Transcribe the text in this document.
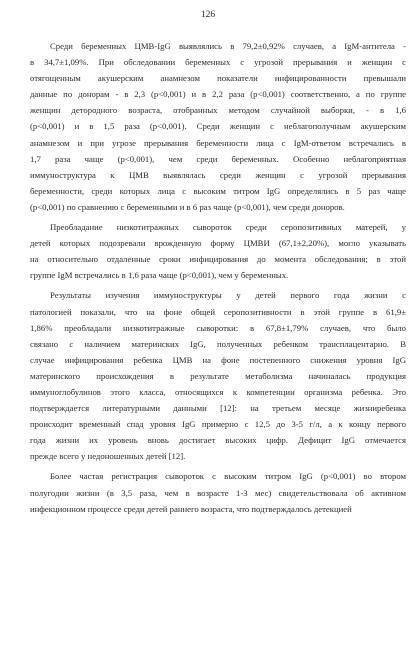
126
Среди беременных ЦМВ-IgG выявлялись в 79,2±0,92% случаев, а IgM-антитела -
в 34,7±1,09%. При обследовании беременных с угрозой прерывания и женщин с
отягощенным акушерским анамнезом показатели инфицированности превышали
данные по донорам - в 2,3 (р<0,001) и в 2,2 раза (р<0,001) соответственно, а по группе
женщин детородного возраста, отобранных методом случайной выборки, - в 1,6
(р<0,001) и в 1,5 раза (р<0,001). Среди женщин с неблагополучным акушерским
анамнезом и при угрозе прерывания беременности лица с IgM-ответом встречались в
1,7 раза чаще (р<0,001), чем среди беременных. Особенно неблагоприятная
иммуноструктура к ЦМВ выявлялась среди женщин с угрозой прерывания
беременности, среди которых лица с высоким титром IgG определялись в 5 раз чаще
(р<0,001) по сравнению с беременными и в 6 раз чаще (р<0,001), чем среди доноров.
Преобладание низкотитражных сывороток среди серопозитивных матерей, у
детей которых подозревали врожденную форму ЦМВИ (67,1±2,20%), могло указывать
на относительно отдаленные сроки инфицирования до момента обследования; в этой
группе IgM встречались в 1,6 раза чаще (р<0,001), чем у беременных.
Результаты изучения иммуноструктуры у детей первого года жизни с
патологией показали, что на фоне общей серопозитивности в этой группе в 61,9±
1,86% преобладали низкотитражные сыворотки: в 67,8±1,79% случаев, что было
связано с наличием материнских IgG, полученных ребенком трансплацентарно. В
случае инфицирования ребенка ЦМВ на фоне постепенного снижения уровня IgG
материнского происхождения в результате метаболизма начиналась продукция
иммуноглобулинов этого класса, относящихся к компетенции организма ребенка. Это
подтверждается литературными данными [12]: на третьем месяце жизниребенка
происходит временный спад уровня IgG примерно с 12,5 до 3-5 г/л, а к концу первого
года жизни их уровень вновь достигает высоких цифр. Дефицит IgG отмечается
прежде всего у недоношенных детей [12].
Более частая регистрация сывороток с высоким титром IgG (р<0,001) во втором
полугодии жизни (в 3,5 раза, чем в возрасте 1-3 мес) свидетельствовала об активном
инфекционном процессе среди детей раннего возраста, что подтверждалось детекцией
